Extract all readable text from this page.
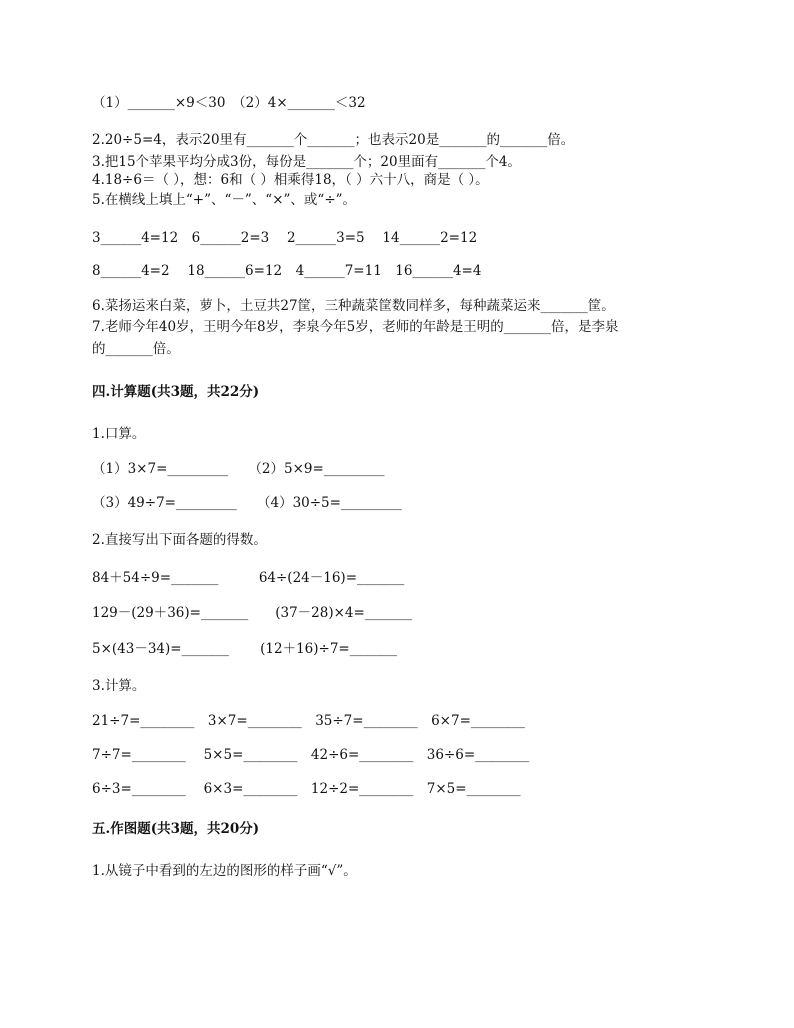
（1）_______×9＜30　（2）4×_______＜32
2.20÷5=4，表示20里有_______个_______；也表示20是_______的_______倍。
3.把15个苹果平均分成3份，每份是_______个；20里面有_______个4。
4.18÷6＝（ ），想：6和（ ）相乘得18，（ ）六十八，商是（ ）。
5.在横线上填上“+”、“－”、“×”、或“÷”。
3______4=12　6______2=3　 2______3=5　 14______2=12
8______4=2　 18______6=12　4______7=11　16______4=4
6.菜扬运来白菜，萝卜，土豆共27筐，三种蔬菜筐数同样多，每种蔬菜运来_______筐。
7.老师今年40岁，王明今年8岁，李泉今年5岁，老师的年龄是王明的_______倍，是李泉
的_______倍。
四.计算题(共3题，共22分)
1.口算。
（1）3×7=_________　　（2）5×9=_________
（3）49÷7=_________　　（4）30÷5=_________
2.直接写出下面各题的得数。
84＋54÷9=_______　　　64÷(24－16)=_______
129－(29＋36)=_______　　(37－28)×4=_______
5×(43－34)=_______　　 (12＋16)÷7=_______
3.计算。
21÷7=________　3×7=________　35÷7=________　6×7=________
7÷7=________　 5×5=________　42÷6=________　36÷6=________
6÷3=________　 6×3=________　12÷2=________　7×5=________
五.作图题(共3题，共20分)
1.从镜子中看到的左边的图形的样子画“√”。
